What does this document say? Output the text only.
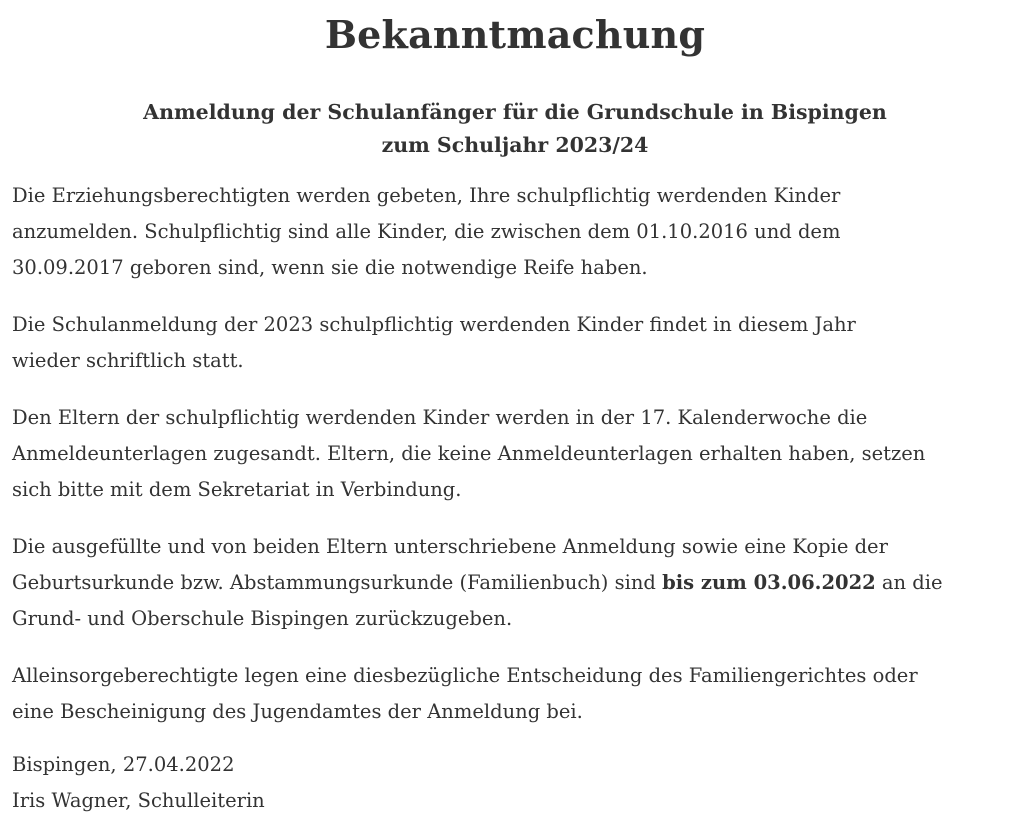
Bekanntmachung
Anmeldung der Schulanfänger für die Grundschule in Bispingen
zum Schuljahr 2023/24

Die Erziehungsberechtigten werden gebeten, Ihre schulpflichtig werdenden Kinder
anzumelden. Schulpflichtig sind alle Kinder, die zwischen dem 01.10.2016 und dem
30.09.2017 geboren sind, wenn sie die notwendige Reife haben.

Die Schulanmeldung der 2023 schulpflichtig werdenden Kinder findet in diesem Jahr
wieder schriftlich statt.

Den Eltern der schulpflichtig werdenden Kinder werden in der 17. Kalenderwoche die
Anmeldeunterlagen zugesandt. Eltern, die keine Anmeldeunterlagen erhalten haben, setzen
sich bitte mit dem Sekretariat in Verbindung.

Die ausgefüllte und von beiden Eltern unterschriebene Anmeldung sowie eine Kopie der
Geburtsurkunde bzw. Abstammungsurkunde (Familienbuch) sind bis zum 03.06.2022 an die
Grund- und Oberschule Bispingen zurückzugeben.

Alleinsorgeberechtigte legen eine diesbezügliche Entscheidung des Familiengerichtes oder
eine Bescheinigung des Jugendamtes der Anmeldung bei.

Bispingen, 27.04.2022
Iris Wagner, Schulleiterin
